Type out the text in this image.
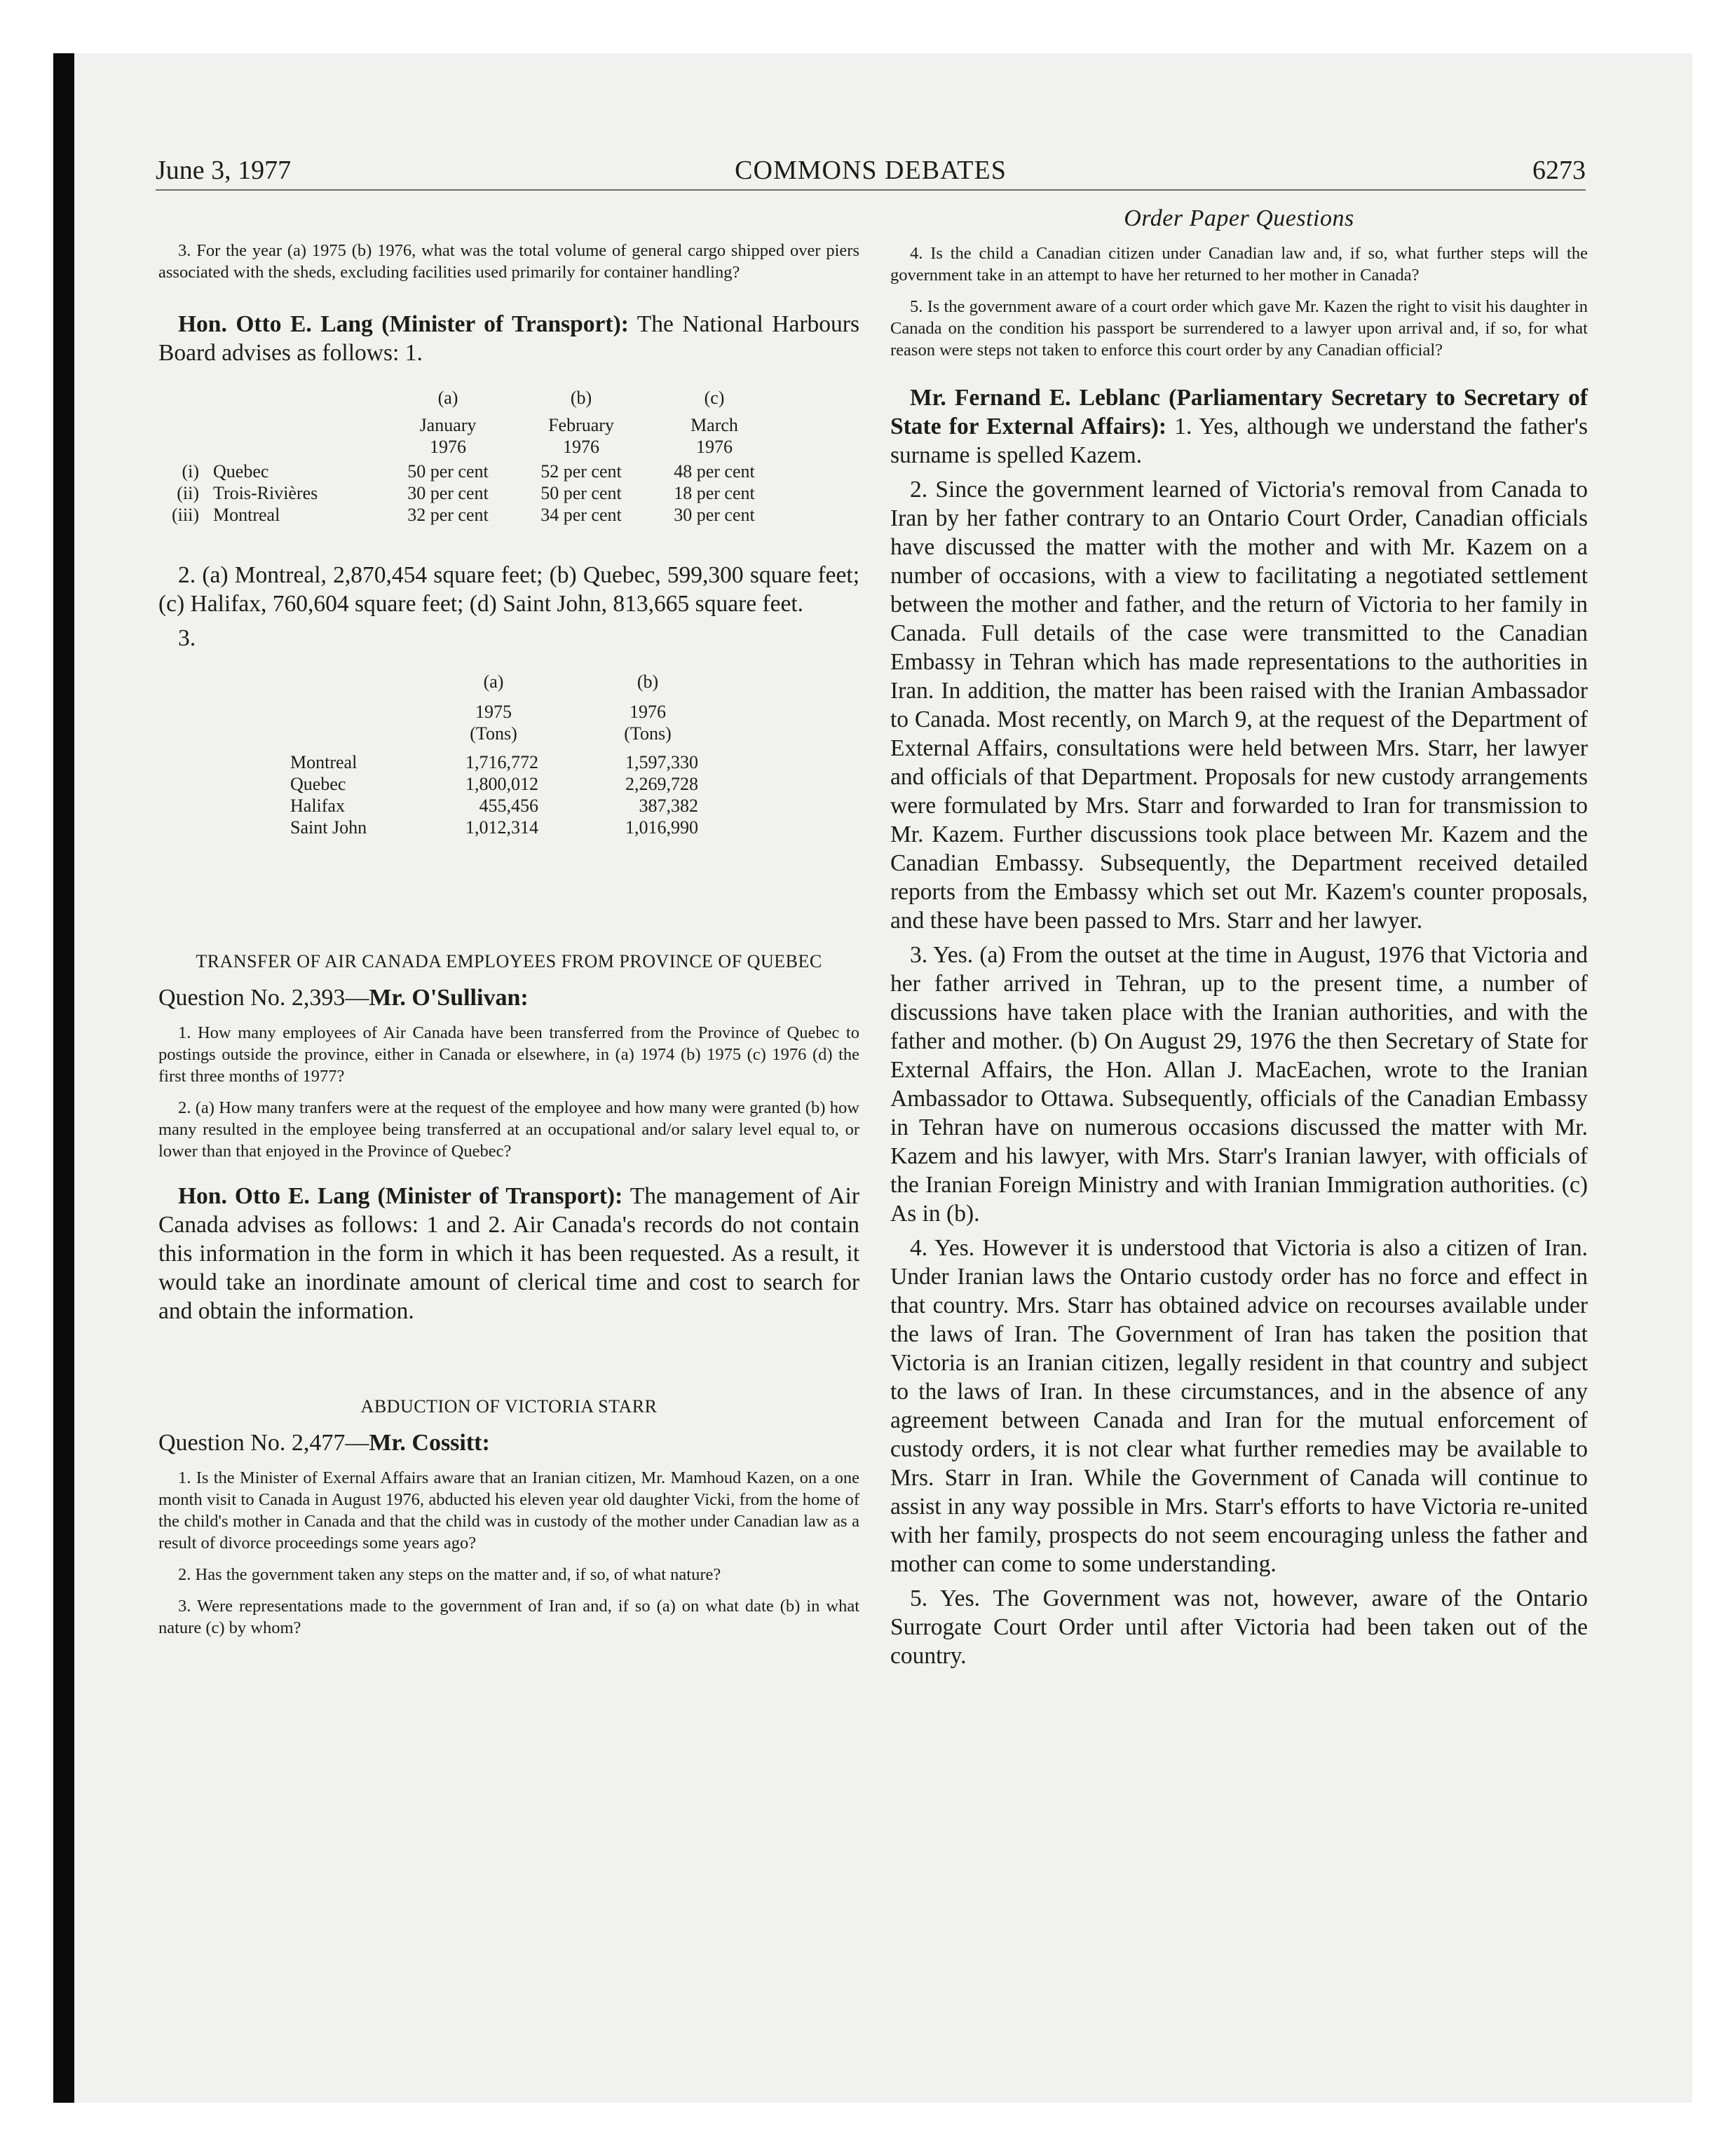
June 3, 1977	COMMONS DEBATES	6273

3. For the year (a) 1975 (b) 1976, what was the total volume of general cargo shipped over piers associated with the sheds, excluding facilities used primarily for container handling?

Hon. Otto E. Lang (Minister of Transport): The National Harbours Board advises as follows: 1.

		(a)	(b)	(c)

		January	February	March
		1976	1976	1976

(i)	Quebec	50 per cent	52 per cent	48 per cent
(ii)	Trois-Rivières	30 per cent	50 per cent	18 per cent
(iii)	Montreal	32 per cent	34 per cent	30 per cent

2. (a) Montreal, 2,870,454 square feet; (b) Quebec, 599,300 square feet; (c) Halifax, 760,604 square feet; (d) Saint John, 813,665 square feet.

3.

	(a)	(b)

	1975	1976
	(Tons)	(Tons)

Montreal	1,716,772	1,597,330
Quebec	1,800,012	2,269,728
Halifax	455,456	387,382
Saint John	1,012,314	1,016,990

TRANSFER OF AIR CANADA EMPLOYEES FROM PROVINCE OF QUEBEC

Question No. 2,393—Mr. O'Sullivan:

1. How many employees of Air Canada have been transferred from the Province of Quebec to postings outside the province, either in Canada or elsewhere, in (a) 1974 (b) 1975 (c) 1976 (d) the first three months of 1977?

2. (a) How many tranfers were at the request of the employee and how many were granted (b) how many resulted in the employee being transferred at an occupational and/or salary level equal to, or lower than that enjoyed in the Province of Quebec?

Hon. Otto E. Lang (Minister of Transport): The management of Air Canada advises as follows: 1 and 2. Air Canada's records do not contain this information in the form in which it has been requested. As a result, it would take an inordinate amount of clerical time and cost to search for and obtain the information.

ABDUCTION OF VICTORIA STARR

Question No. 2,477—Mr. Cossitt:

1. Is the Minister of Exernal Affairs aware that an Iranian citizen, Mr. Mamhoud Kazen, on a one month visit to Canada in August 1976, abducted his eleven year old daughter Vicki, from the home of the child's mother in Canada and that the child was in custody of the mother under Canadian law as a result of divorce proceedings some years ago?

2. Has the government taken any steps on the matter and, if so, of what nature?

3. Were representations made to the government of Iran and, if so (a) on what date (b) in what nature (c) by whom?

Order Paper Questions

4. Is the child a Canadian citizen under Canadian law and, if so, what further steps will the government take in an attempt to have her returned to her mother in Canada?

5. Is the government aware of a court order which gave Mr. Kazen the right to visit his daughter in Canada on the condition his passport be surrendered to a lawyer upon arrival and, if so, for what reason were steps not taken to enforce this court order by any Canadian official?

Mr. Fernand E. Leblanc (Parliamentary Secretary to Secretary of State for External Affairs): 1. Yes, although we understand the father's surname is spelled Kazem.

2. Since the government learned of Victoria's removal from Canada to Iran by her father contrary to an Ontario Court Order, Canadian officials have discussed the matter with the mother and with Mr. Kazem on a number of occasions, with a view to facilitating a negotiated settlement between the mother and father, and the return of Victoria to her family in Canada. Full details of the case were transmitted to the Canadian Embassy in Tehran which has made representations to the authorities in Iran. In addition, the matter has been raised with the Iranian Ambassador to Canada. Most recently, on March 9, at the request of the Department of External Affairs, consultations were held between Mrs. Starr, her lawyer and officials of that Department. Proposals for new custody arrangements were formulated by Mrs. Starr and forwarded to Iran for transmission to Mr. Kazem. Further discussions took place between Mr. Kazem and the Canadian Embassy. Subsequently, the Department received detailed reports from the Embassy which set out Mr. Kazem's counter proposals, and these have been passed to Mrs. Starr and her lawyer.

3. Yes. (a) From the outset at the time in August, 1976 that Victoria and her father arrived in Tehran, up to the present time, a number of discussions have taken place with the Iranian authorities, and with the father and mother. (b) On August 29, 1976 the then Secretary of State for External Affairs, the Hon. Allan J. MacEachen, wrote to the Iranian Ambassador to Ottawa. Subsequently, officials of the Canadian Embassy in Tehran have on numerous occasions discussed the matter with Mr. Kazem and his lawyer, with Mrs. Starr's Iranian lawyer, with officials of the Iranian Foreign Ministry and with Iranian Immigration authorities. (c) As in (b).

4. Yes. However it is understood that Victoria is also a citizen of Iran. Under Iranian laws the Ontario custody order has no force and effect in that country. Mrs. Starr has obtained advice on recourses available under the laws of Iran. The Government of Iran has taken the position that Victoria is an Iranian citizen, legally resident in that country and subject to the laws of Iran. In these circumstances, and in the absence of any agreement between Canada and Iran for the mutual enforcement of custody orders, it is not clear what further remedies may be available to Mrs. Starr in Iran. While the Government of Canada will continue to assist in any way possible in Mrs. Starr's efforts to have Victoria re-united with her family, prospects do not seem encouraging unless the father and mother can come to some understanding.

5. Yes. The Government was not, however, aware of the Ontario Surrogate Court Order until after Victoria had been taken out of the country.
